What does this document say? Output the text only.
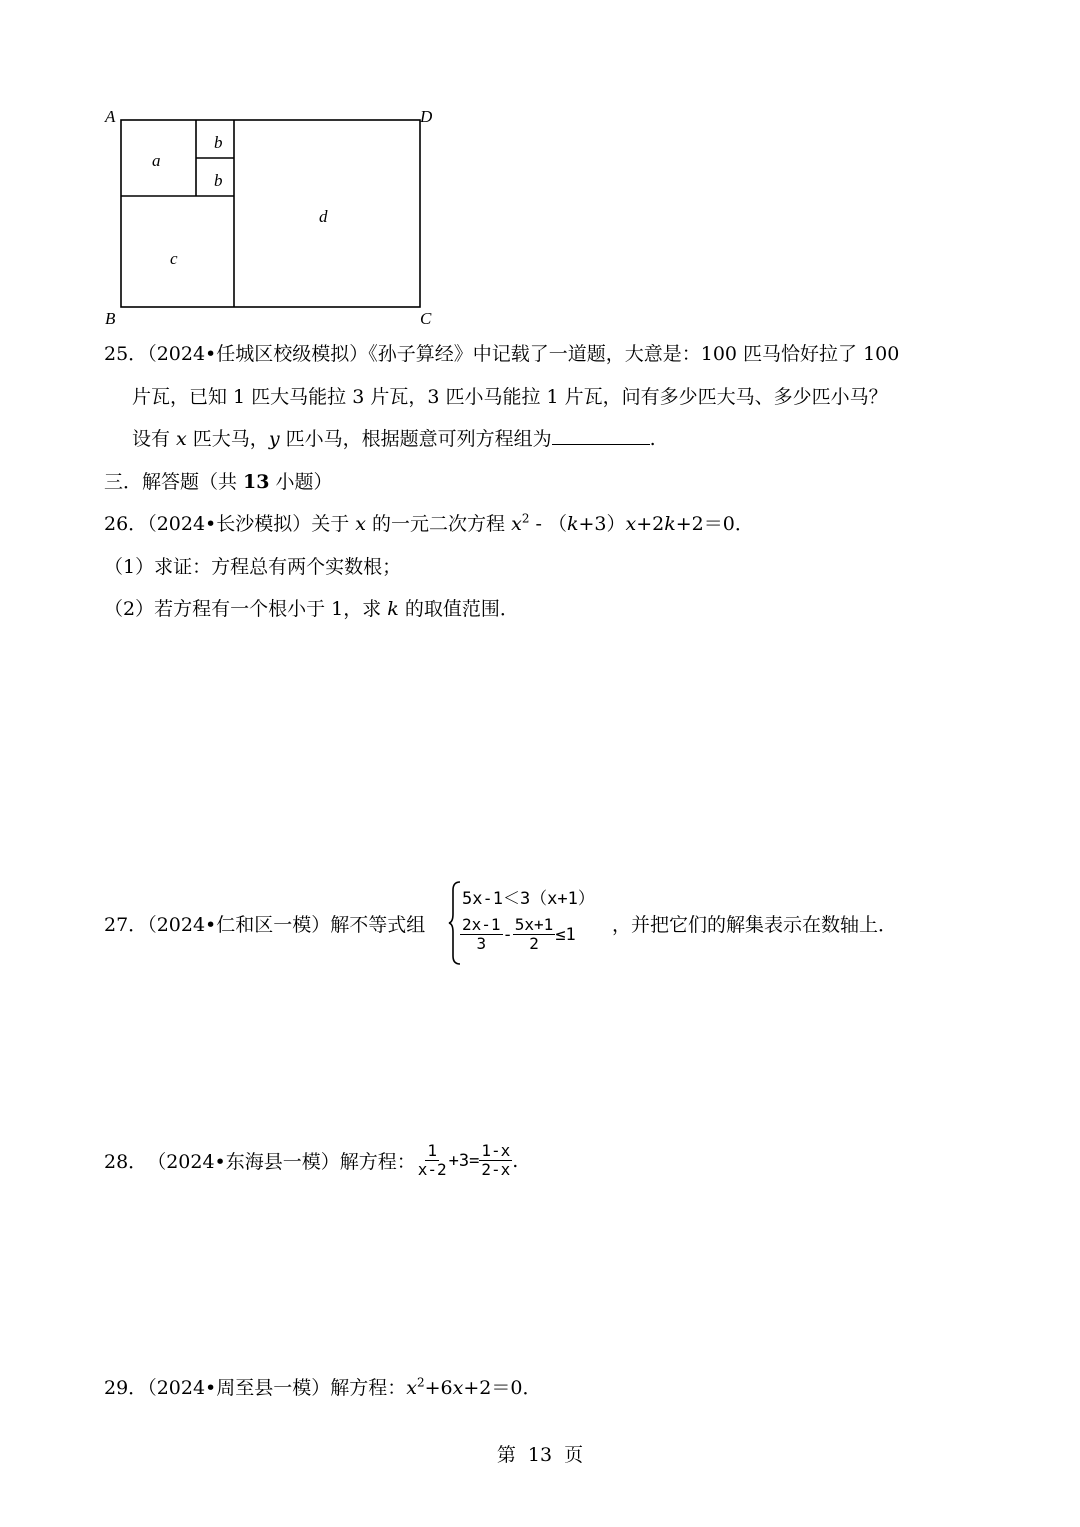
A	D
B	C
a
b
b
c
d
25．（2024•任城区校级模拟）《孙子算经》中记载了一道题，大意是：100 匹马恰好拉了 100
片瓦，已知 1 匹大马能拉 3 片瓦，3 匹小马能拉 1 片瓦，问有多少匹大马、多少匹小马？
设有 x 匹大马，y 匹小马，根据题意可列方程组为	.
三．解答题（共 13 小题）
26．（2024•长沙模拟）关于 x 的一元二次方程 $x^2 - (k+3)x+2k+2=0$．
（1）求证：方程总有两个实数根；
（2）若方程有一个根小于 1，求 k 的取值范围．
27．（2024•仁和区一模）解不等式组
5x-1＜3（x+1）
$\frac{2x-1}{3} - \frac{5x+1}{2} \le 1$ ，并把它们的解集表示在数轴上．
28． （2024•东海县一模）解方程： $\frac{1}{x-2} +3= \frac{1-x}{2-x}$ .
29．（2024•周至县一模）解方程：$x^2+6x+2=0$．
第  13  页
